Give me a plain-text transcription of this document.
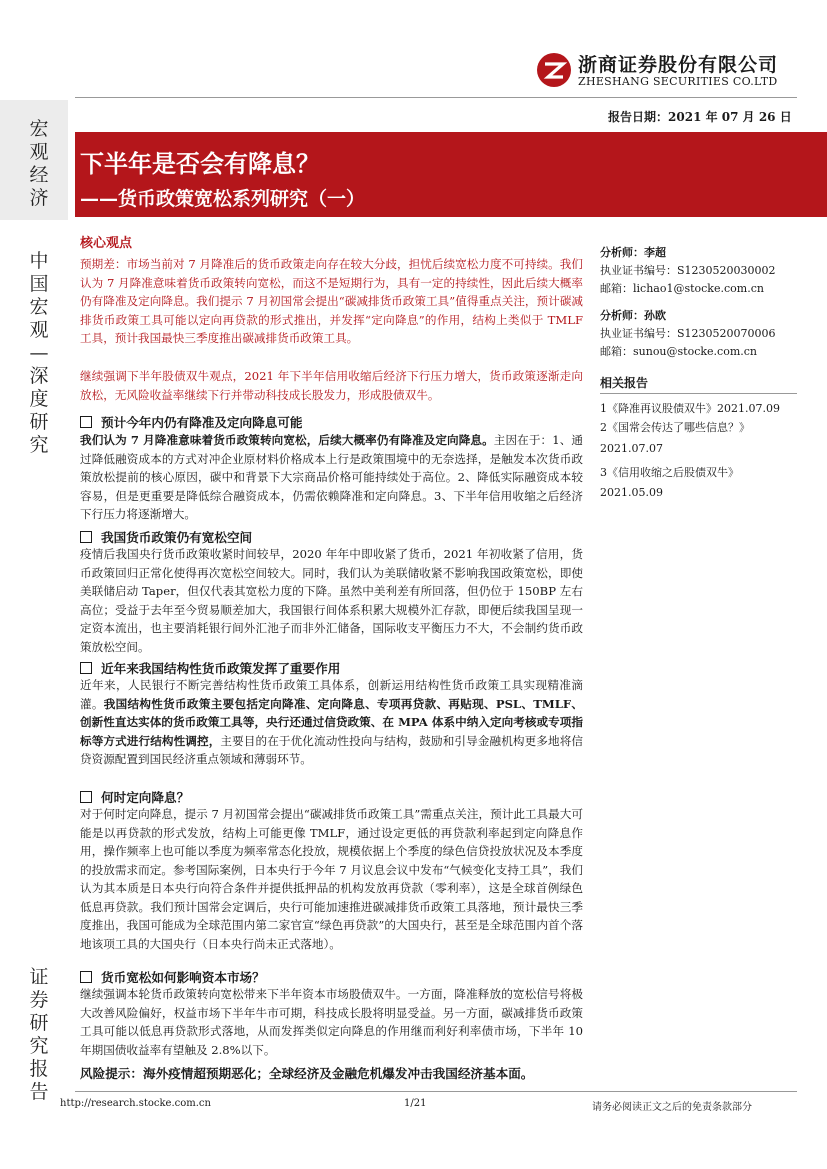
浙商证券股份有限公司
ZHESHANG SECURITIES CO.LTD
报告日期：2021 年 07 月 26 日
宏观经济
中国宏观—深度研究
证券研究报告
下半年是否会有降息？
——货币政策宽松系列研究（一）
核心观点
预期差：市场当前对 7 月降准后的货币政策走向存在较大分歧，担忧后续宽松力度不可持续。我们认为 7 月降准意味着货币政策转向宽松，而这不是短期行为，具有一定的持续性，因此后续大概率仍有降准及定向降息。我们提示 7 月初国常会提出“碳减排货币政策工具”值得重点关注，预计碳减排货币政策工具可能以定向再贷款的形式推出，并发挥“定向降息”的作用，结构上类似于 TMLF 工具，预计我国最快三季度推出碳减排货币政策工具。
继续强调下半年股债双牛观点，2021 年下半年信用收缩后经济下行压力增大，货币政策逐渐走向放松，无风险收益率继续下行并带动科技成长股发力，形成股债双牛。
预计今年内仍有降准及定向降息可能
我们认为 7 月降准意味着货币政策转向宽松，后续大概率仍有降准及定向降息。主因在于：1、通过降低融资成本的方式对冲企业原材料价格成本上行是政策围境中的无奈选择，是触发本次货币政策放松提前的核心原因，碳中和背景下大宗商品价格可能持续处于高位。2、降低实际融资成本较容易，但是更重要是降低综合融资成本，仍需依赖降准和定向降息。3、下半年信用收缩之后经济下行压力将逐渐增大。
我国货币政策仍有宽松空间
疫情后我国央行货币政策收紧时间较早，2020 年年中即收紧了货币，2021 年初收紧了信用，货币政策回归正常化使得再次宽松空间较大。同时，我们认为美联储收紧不影响我国政策宽松，即使美联储启动 Taper，但仅代表其宽松力度的下降。虽然中美利差有所回落，但仍位于 150BP 左右高位；受益于去年至今贸易顺差加大，我国银行间体系积累大规模外汇存款，即便后续我国呈现一定资本流出，也主要消耗银行间外汇池子而非外汇储备，国际收支平衡压力不大，不会制约货币政策放松空间。
近年来我国结构性货币政策发挥了重要作用
近年来，人民银行不断完善结构性货币政策工具体系，创新运用结构性货币政策工具实现精准滴灌。我国结构性货币政策主要包括定向降准、定向降息、专项再贷款、再贴现、PSL、TMLF、创新性直达实体的货币政策工具等，央行还通过信贷政策、在 MPA 体系中纳入定向考核或专项指标等方式进行结构性调控，主要目的在于优化流动性投向与结构，鼓励和引导金融机构更多地将信贷资源配置到国民经济重点领域和薄弱环节。
何时定向降息？
对于何时定向降息，提示 7 月初国常会提出“碳减排货币政策工具”需重点关注，预计此工具最大可能是以再贷款的形式发放，结构上可能更像 TMLF，通过设定更低的再贷款利率起到定向降息作用，操作频率上也可能以季度为频率常态化投放，规模依据上个季度的绿色信贷投放状况及本季度的投放需求而定。参考国际案例，日本央行于今年 7 月议息会议中发布“气候变化支持工具”，我们认为其本质是日本央行向符合条件并提供抵押品的机构发放再贷款（零利率），这是全球首例绿色低息再贷款。我们预计国常会定调后，央行可能加速推进碳减排货币政策工具落地，预计最快三季度推出，我国可能成为全球范围内第二家官宣“绿色再贷款”的大国央行，甚至是全球范围内首个落地该项工具的大国央行（日本央行尚未正式落地）。
货币宽松如何影响资本市场？
继续强调本轮货币政策转向宽松带来下半年资本市场股债双牛。一方面，降准释放的宽松信号将极大改善风险偏好，权益市场下半年牛市可期，科技成长股将明显受益。另一方面，碳减排货币政策工具可能以低息再贷款形式落地，从而发挥类似定向降息的作用继而利好利率债市场，下半年 10 年期国债收益率有望触及 2.8%以下。
风险提示：海外疫情超预期恶化；全球经济及金融危机爆发冲击我国经济基本面。
分析师：李超
执业证书编号：S1230520030002
邮箱：lichao1@stocke.com.cn
分析师：孙欧
执业证书编号：S1230520070006
邮箱：sunou@stocke.com.cn
相关报告
1《降准再议股债双牛》2021.07.09
2《国常会传达了哪些信息？》
2021.07.07
3《信用收缩之后股债双牛》
2021.05.09
http://research.stocke.com.cn	1/21	请务必阅读正文之后的免责条款部分
